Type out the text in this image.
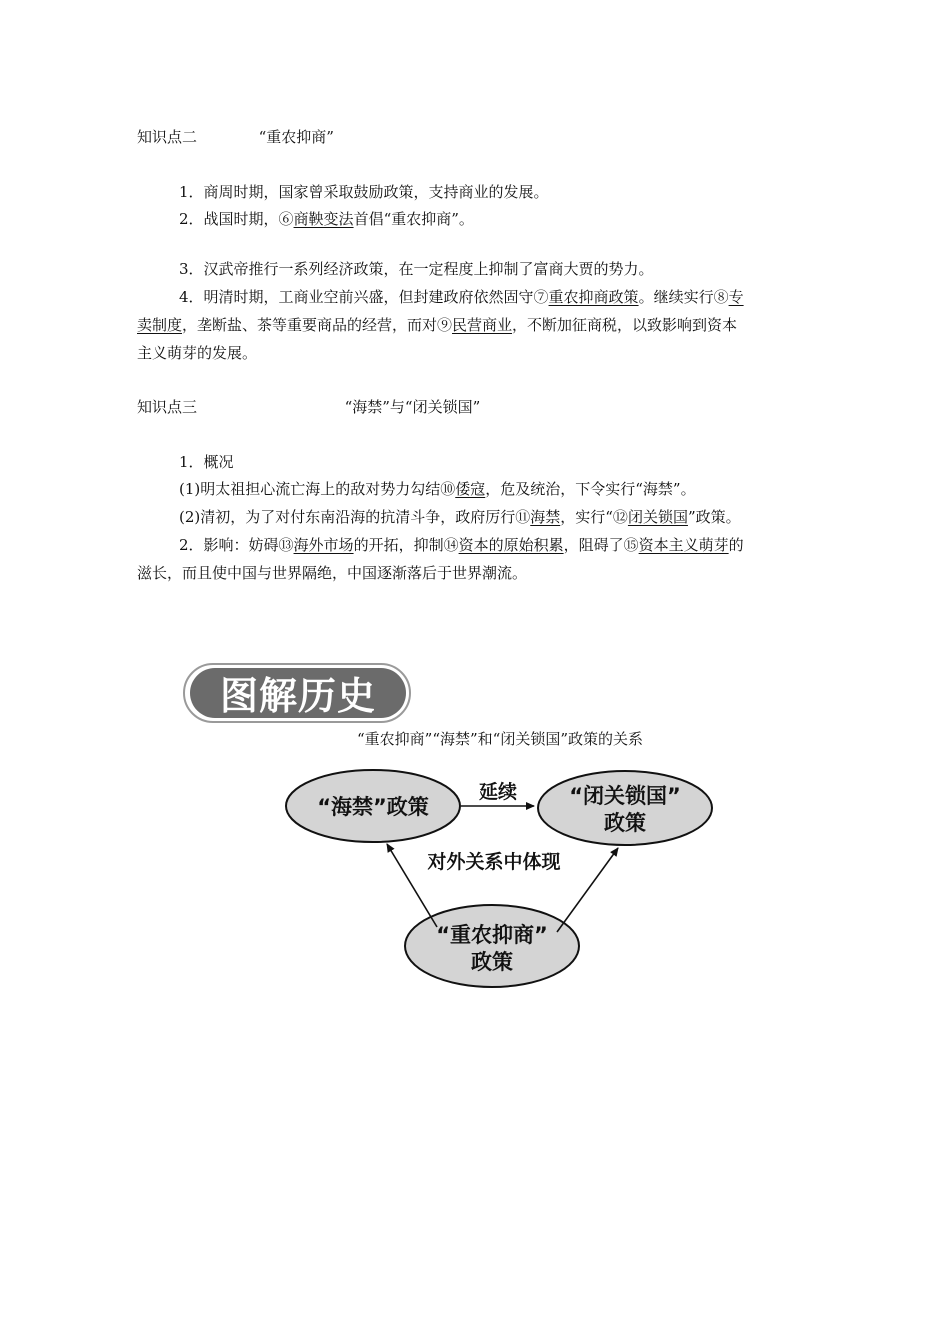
知识点二	“重农抑商”
1．商周时期，国家曾采取鼓励政策，支持商业的发展。
2．战国时期，⑥商鞅变法首倡“重农抑商”。
3．汉武帝推行一系列经济政策，在一定程度上抑制了富商大贾的势力。
4．明清时期，工商业空前兴盛，但封建政府依然固守⑦重农抑商政策。继续实行⑧专
卖制度，垄断盐、茶等重要商品的经营，而对⑨民营商业，不断加征商税，以致影响到资本
主义萌芽的发展。
知识点三	“海禁”与“闭关锁国”
1．概况
(1)明太祖担心流亡海上的敌对势力勾结⑩倭寇，危及统治，下令实行“海禁”。
(2)清初，为了对付东南沿海的抗清斗争，政府厉行⑪海禁，实行“⑫闭关锁国”政策。
2．影响：妨碍⑬海外市场的开拓，抑制⑭资本的原始积累，阻碍了⑮资本主义萌芽的
滋长，而且使中国与世界隔绝，中国逐渐落后于世界潮流。
图解历史
“重农抑商”“海禁”和“闭关锁国”政策的关系
“海禁”政策	“闭关锁国”
政策
“重农抑商”
政策
延续
对外关系中体现
